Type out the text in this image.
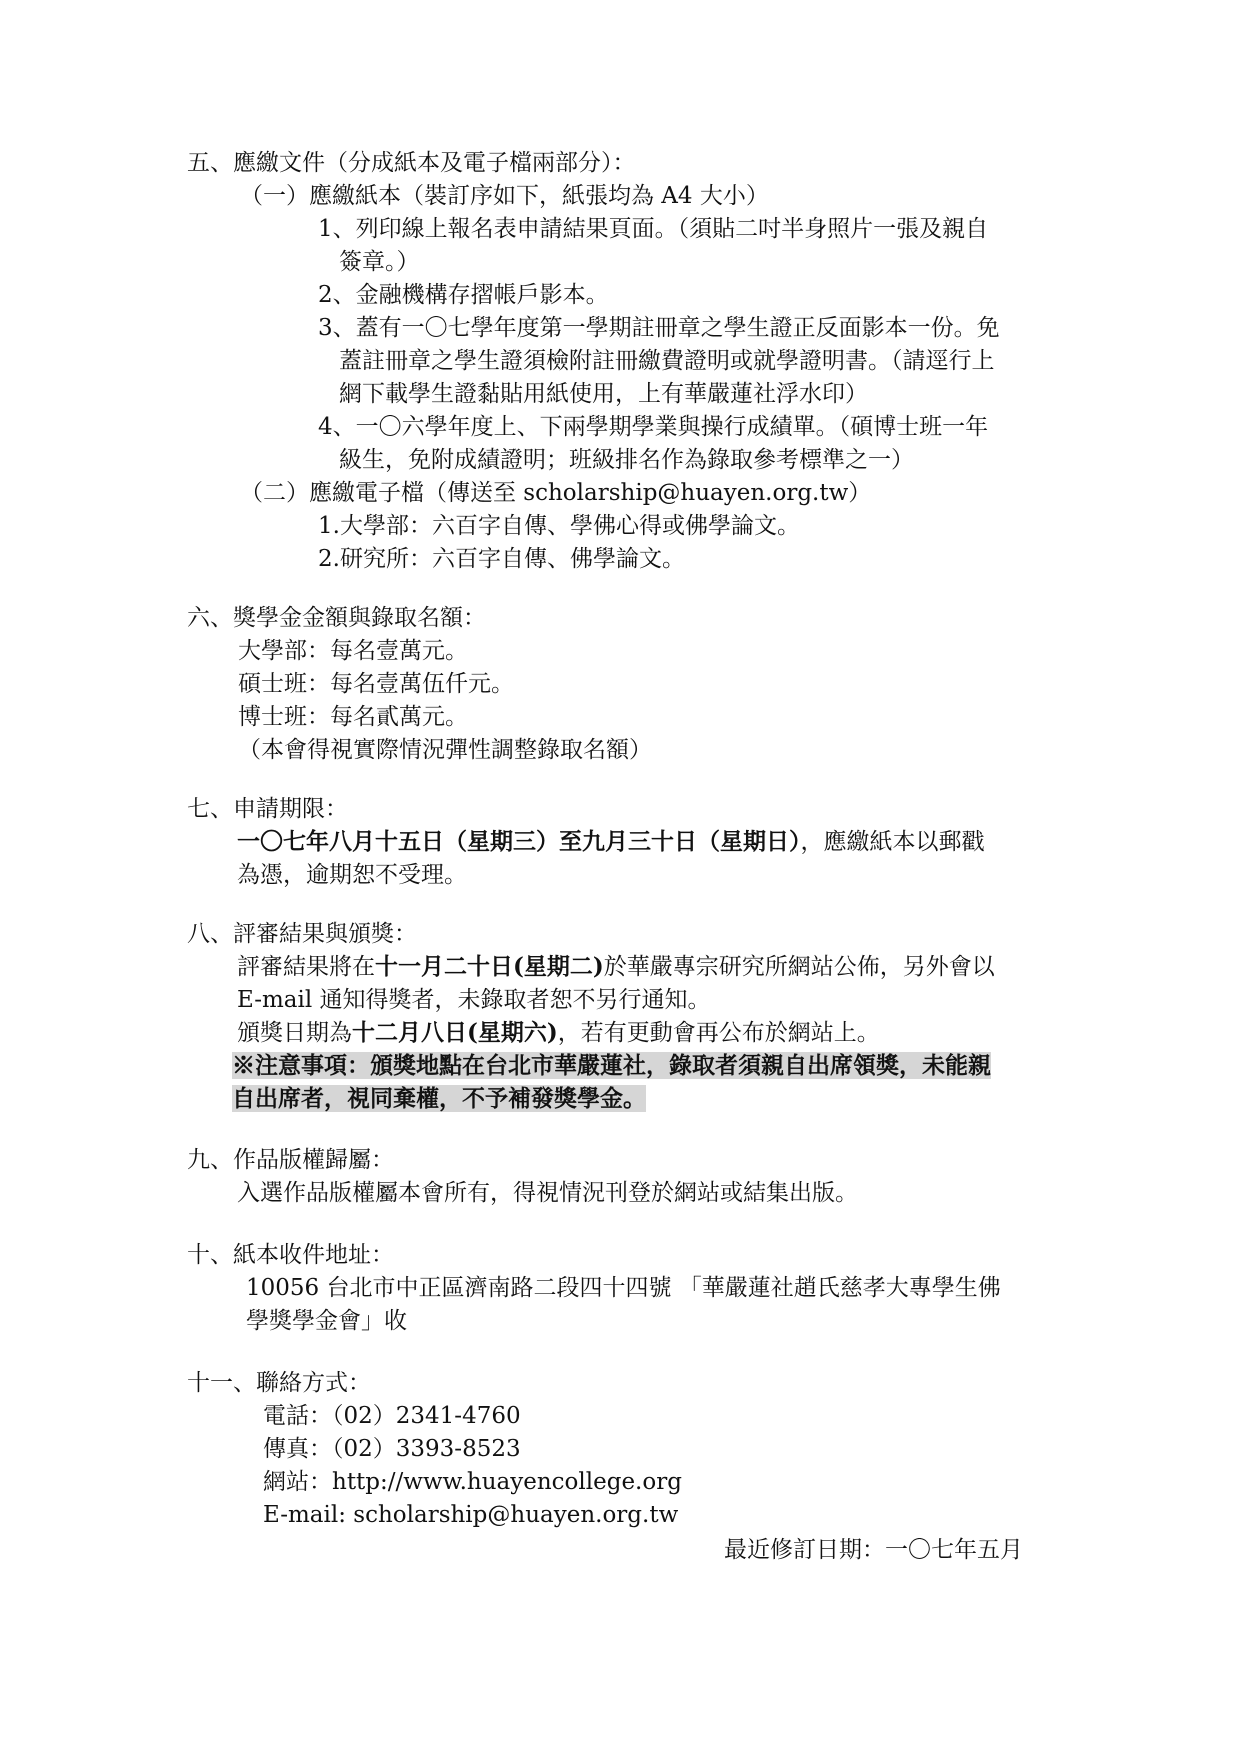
五、應繳文件（分成紙本及電子檔兩部分）：
（一）應繳紙本（裝訂序如下，紙張均為 A4 大小）
1、列印線上報名表申請結果頁面。（須貼二吋半身照片一張及親自
簽章。）
2、金融機構存摺帳戶影本。
3、蓋有一〇七學年度第一學期註冊章之學生證正反面影本一份。免
蓋註冊章之學生證須檢附註冊繳費證明或就學證明書。（請逕行上
網下載學生證黏貼用紙使用，上有華嚴蓮社浮水印）
4、一〇六學年度上、下兩學期學業與操行成績單。（碩博士班一年
級生，免附成績證明；班級排名作為錄取參考標準之一）
（二）應繳電子檔（傳送至 scholarship@huayen.org.tw）
1.大學部：六百字自傳、學佛心得或佛學論文。
2.研究所：六百字自傳、佛學論文。
六、獎學金金額與錄取名額：
大學部：每名壹萬元。
碩士班：每名壹萬伍仟元。
博士班：每名貳萬元。
（本會得視實際情況彈性調整錄取名額）
七、申請期限：
一〇七年八月十五日（星期三）至九月三十日（星期日），應繳紙本以郵戳
為憑，逾期恕不受理。
八、評審結果與頒獎：
評審結果將在十一月二十日(星期二)於華嚴專宗研究所網站公佈，另外會以
E-mail 通知得獎者，未錄取者恕不另行通知。
頒獎日期為十二月八日(星期六)，若有更動會再公布於網站上。
※注意事項：頒獎地點在台北市華嚴蓮社，錄取者須親自出席領獎，未能親
自出席者，視同棄權，不予補發獎學金。
九、作品版權歸屬：
入選作品版權屬本會所有，得視情況刊登於網站或結集出版。
十、紙本收件地址：
10056 台北市中正區濟南路二段四十四號 「華嚴蓮社趙氏慈孝大專學生佛
學獎學金會」收
十一、聯絡方式：
電話：（02）2341-4760
傳真：（02）3393-8523
網站：http://www.huayencollege.org
E-mail: scholarship@huayen.org.tw
最近修訂日期：一〇七年五月
